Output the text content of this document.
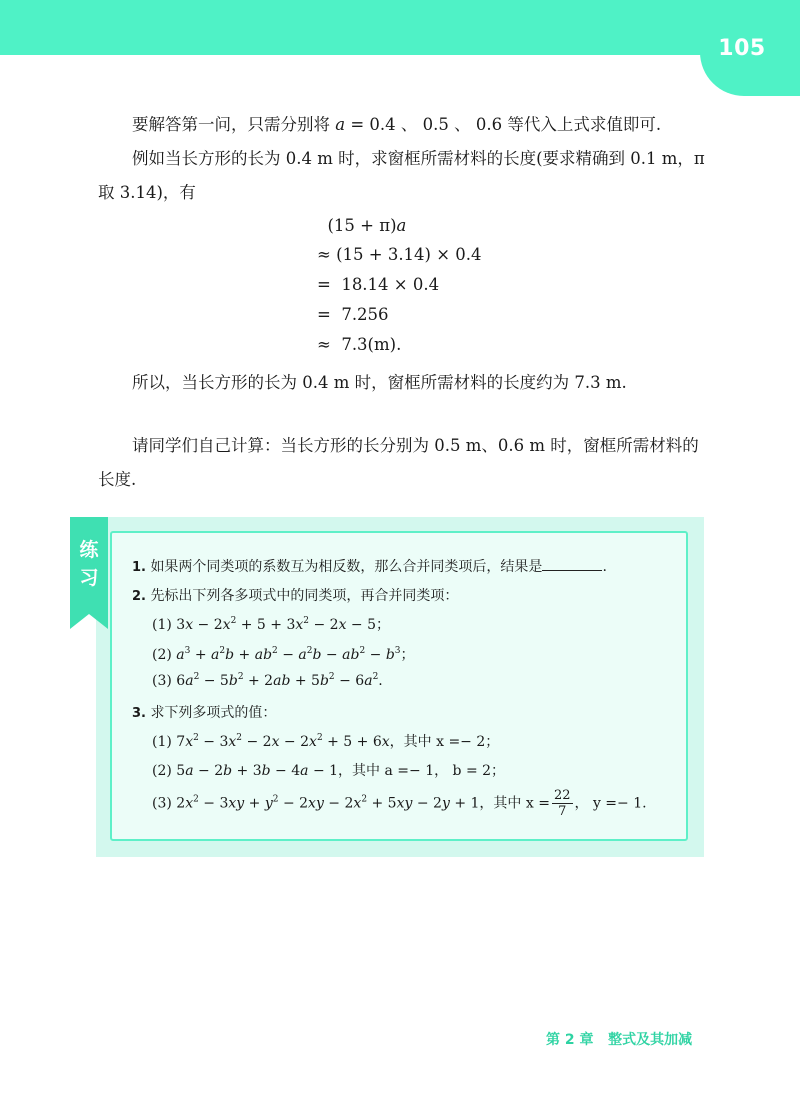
105

要解答第一问，只需分别将 a = 0.4 、 0.5 、 0.6 等代入上式求值即可.

例如当长方形的长为 0.4 m 时，求窗框所需材料的长度(要求精确到 0.1 m，π 取 3.14)，有

(15 + π)a
≈ (15 + 3.14) × 0.4
=  18.14 × 0.4
=  7.256
≈  7.3(m).

所以，当长方形的长为 0.4 m 时，窗框所需材料的长度约为 7.3 m.

请同学们自己计算：当长方形的长分别为 0.5 m、0.6 m 时，窗框所需材料的长度.

练
习	1. 如果两个同类项的系数互为相反数，那么合并同类项后，结果是	.
2. 先标出下列各多项式中的同类项，再合并同类项：
(1) $3x - 2x^2 + 5 + 3x^2 - 2x - 5$；
(2) $a^3 + a^2b + ab^2 - a^2b - ab^2 - b^3$；
(3) $6a^2 - 5b^2 + 2ab + 5b^2 - 6a^2$.
3. 求下列多项式的值：
(1) $7x^2 - 3x^2 - 2x - 2x^2 + 5 + 6x$，其中 x =− 2；
(2) 5a − 2b + 3b − 4a − 1，其中 a =− 1， b = 2；
(3) $2x^2 - 3xy + y^2 - 2xy - 2x^2 + 5xy - 2y + 1$，其中 $x = \frac{22}{7}$ ， y =− 1.
第 2 章 整式及其加减
